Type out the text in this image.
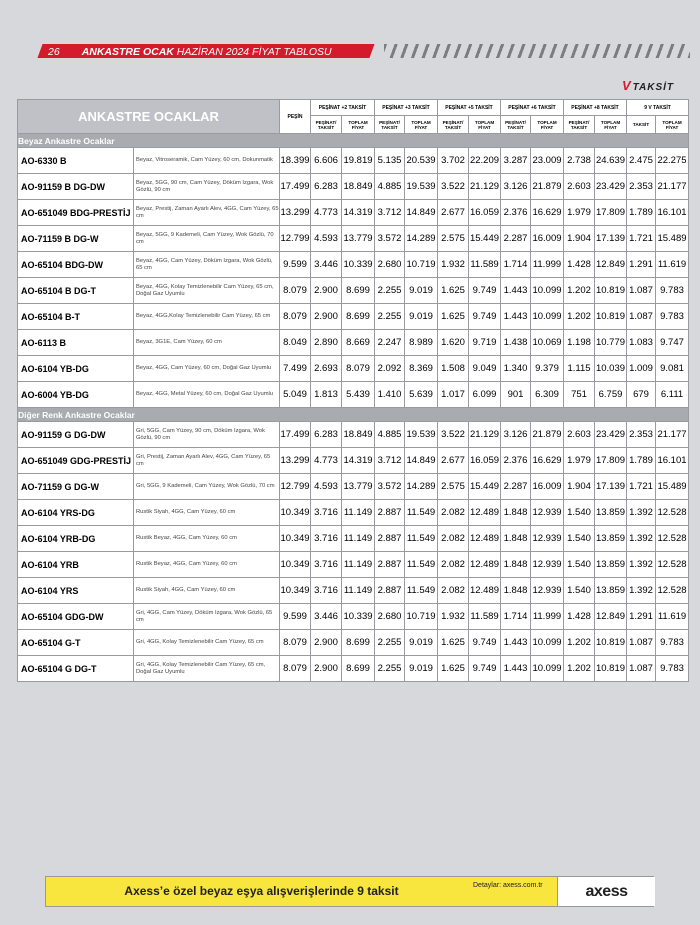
26 ANKASTRE OCAK HAZİRAN 2024 FİYAT TABLOSU
VTAKSİT
ANKASTRE OCAKLAR		PEŞİN	PEŞİNAT +2 TAKSİT		PEŞİNAT +3 TAKSİT		PEŞİNAT +5 TAKSİT		PEŞİNAT +6 TAKSİT		PEŞİNAT +8 TAKSİT		9 V TAKSİT	
			PEŞİNAT/ TAKSİT	TOPLAM FİYAT	PEŞİNAT/ TAKSİT	TOPLAM FİYAT	PEŞİNAT/ TAKSİT	TOPLAM FİYAT	PEŞİNAT/ TAKSİT	TOPLAM FİYAT	PEŞİNAT/ TAKSİT	TOPLAM FİYAT	TAKSİT	TOPLAM FİYAT
Beyaz Ankastre Ocaklar														
AO-6330 B	Beyaz, Vitroseramik, Cam Yüzey, 60 cm, Dokunmatik	18.399	6.606	19.819	5.135	20.539	3.702	22.209	3.287	23.009	2.738	24.639	2.475	22.275
AO-91159 B DG-DW	Beyaz, 5GG, 90 cm, Cam Yüzey, Döküm Izgara, Wok Gözlü, 90 cm	17.499	6.283	18.849	4.885	19.539	3.522	21.129	3.126	21.879	2.603	23.429	2.353	21.177
AO-651049 BDG-PRESTİJ	Beyaz, Prestij, Zaman Ayarlı Alev, 4GG, Cam Yüzey, 65 cm	13.299	4.773	14.319	3.712	14.849	2.677	16.059	2.376	16.629	1.979	17.809	1.789	16.101
AO-71159 B DG-W	Beyaz, 5GG, 9 Kademeli, Cam Yüzey, Wok Gözlü, 70 cm	12.799	4.593	13.779	3.572	14.289	2.575	15.449	2.287	16.009	1.904	17.139	1.721	15.489
AO-65104 BDG-DW	Beyaz, 4GG, Cam Yüzey, Döküm Izgara, Wok Gözlü, 65 cm	9.599	3.446	10.339	2.680	10.719	1.932	11.589	1.714	11.999	1.428	12.849	1.291	11.619
AO-65104 B DG-T	Beyaz, 4GG, Kolay Temizlenebilir Cam Yüzey, 65 cm, Doğal Gaz Uyumlu	8.079	2.900	8.699	2.255	9.019	1.625	9.749	1.443	10.099	1.202	10.819	1.087	9.783
AO-65104 B-T	Beyaz, 4GG,Kolay Temizlenebilir Cam Yüzey, 65 cm	8.079	2.900	8.699	2.255	9.019	1.625	9.749	1.443	10.099	1.202	10.819	1.087	9.783
AO-6113 B	Beyaz, 3G1E, Cam Yüzey, 60 cm	8.049	2.890	8.669	2.247	8.989	1.620	9.719	1.438	10.069	1.198	10.779	1.083	9.747
AO-6104 YB-DG	Beyaz, 4GG, Cam Yüzey, 60 cm, Doğal Gaz Uyumlu	7.499	2.693	8.079	2.092	8.369	1.508	9.049	1.340	9.379	1.115	10.039	1.009	9.081
AO-6004 YB-DG	Beyaz, 4GG, Metal Yüzey, 60 cm, Doğal Gaz Uyumlu	5.049	1.813	5.439	1.410	5.639	1.017	6.099	901	6.309	751	6.759	679	6.111
Diğer Renk Ankastre Ocaklar														
AO-91159 G DG-DW	Gri, 5GG, Cam Yüzey, 90 cm, Döküm Izgara, Wok Gözlü, 90 cm	17.499	6.283	18.849	4.885	19.539	3.522	21.129	3.126	21.879	2.603	23.429	2.353	21.177
AO-651049 GDG-PRESTİJ	Gri, Prestij, Zaman Ayarlı Alev, 4GG, Cam Yüzey, 65 cm	13.299	4.773	14.319	3.712	14.849	2.677	16.059	2.376	16.629	1.979	17.809	1.789	16.101
AO-71159 G DG-W	Gri, 5GG, 9 Kademeli, Cam Yüzey, Wok Gözlü, 70 cm	12.799	4.593	13.779	3.572	14.289	2.575	15.449	2.287	16.009	1.904	17.139	1.721	15.489
AO-6104 YRS-DG	Rustik Siyah, 4GG, Cam Yüzey, 60 cm	10.349	3.716	11.149	2.887	11.549	2.082	12.489	1.848	12.939	1.540	13.859	1.392	12.528
AO-6104 YRB-DG	Rustik Beyaz, 4GG, Cam Yüzey, 60 cm	10.349	3.716	11.149	2.887	11.549	2.082	12.489	1.848	12.939	1.540	13.859	1.392	12.528
AO-6104 YRB	Rustik Beyaz, 4GG, Cam Yüzey, 60 cm	10.349	3.716	11.149	2.887	11.549	2.082	12.489	1.848	12.939	1.540	13.859	1.392	12.528
AO-6104 YRS	Rustik Siyah, 4GG, Cam Yüzey, 60 cm	10.349	3.716	11.149	2.887	11.549	2.082	12.489	1.848	12.939	1.540	13.859	1.392	12.528
AO-65104 GDG-DW	Gri, 4GG, Cam Yüzey, Döküm Izgara, Wok Gözlü, 65 cm	9.599	3.446	10.339	2.680	10.719	1.932	11.589	1.714	11.999	1.428	12.849	1.291	11.619
AO-65104 G-T	Gri, 4GG, Kolay Temizlenebilir Cam Yüzey, 65 cm	8.079	2.900	8.699	2.255	9.019	1.625	9.749	1.443	10.099	1.202	10.819	1.087	9.783
AO-65104 G DG-T	Gri, 4GG, Kolay Temizlenebilir Cam Yüzey, 65 cm, Doğal Gaz Uyumlu	8.079	2.900	8.699	2.255	9.019	1.625	9.749	1.443	10.099	1.202	10.819	1.087	9.783
Axess’e özel beyaz eşya alışverişlerinde 9 taksit	Detaylar: axess.com.tr	axess
